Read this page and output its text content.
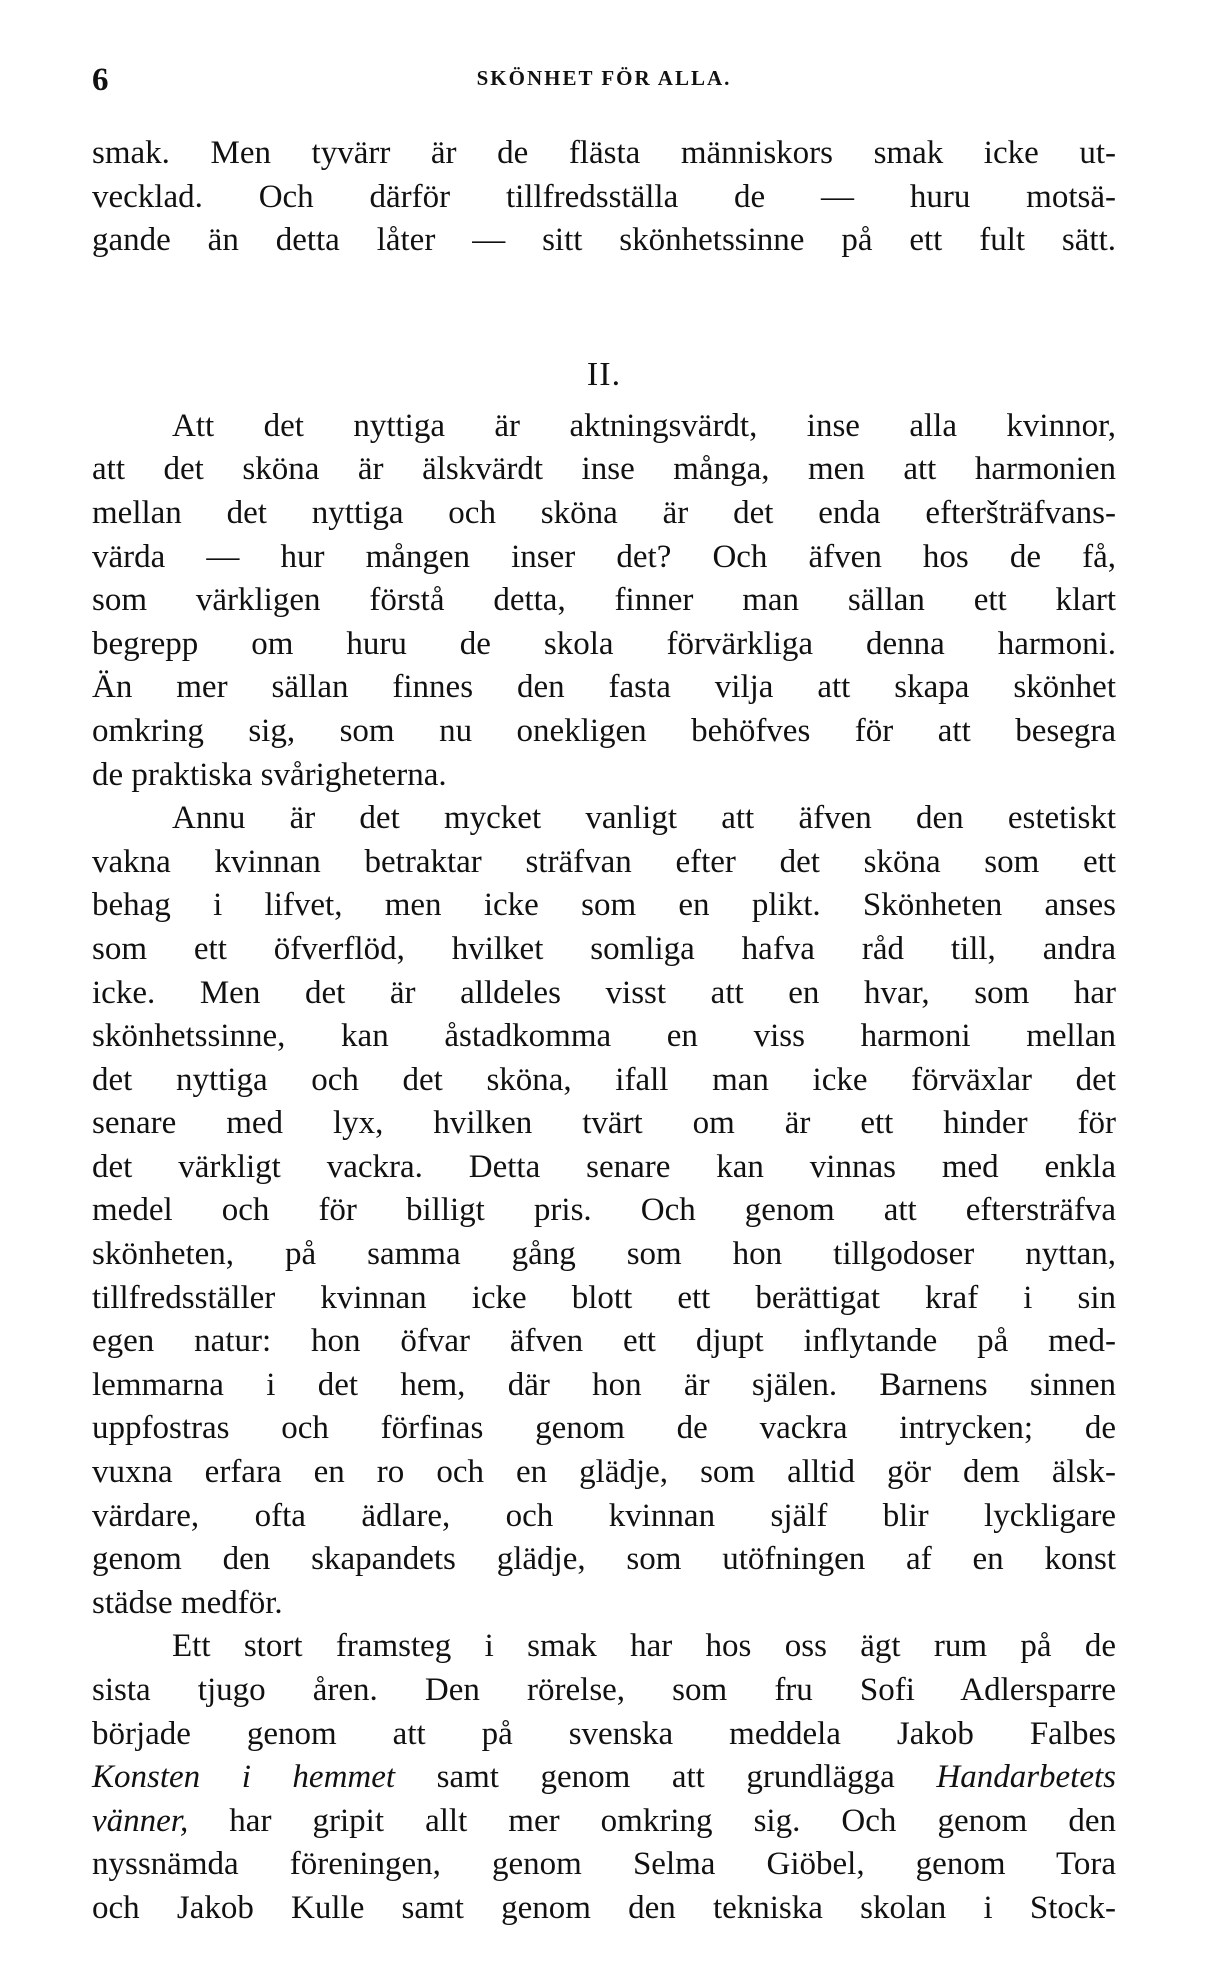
6	SKÖNHET FÖR ALLA.
smak. Men tyvärr är de flästa människors smak icke ut-
vecklad. Och därför tillfredsställa de — huru motsä-
gande än detta låter — sitt skönhetssinne på ett fult sätt.
II.
Att det nyttiga är aktningsvärdt, inse alla kvinnor,
att det sköna är älskvärdt inse många, men att harmonien
mellan det nyttiga och sköna är det enda efteršträfvans-
värda — hur mången inser det? Och äfven hos de få,
som värkligen förstå detta, finner man sällan ett klart
begrepp om huru de skola förvärkliga denna harmoni.
Än mer sällan finnes den fasta vilja att skapa skönhet
omkring sig, som nu onekligen behöfves för att besegra
de praktiska svårigheterna.
Annu är det mycket vanligt att äfven den estetiskt
vakna kvinnan betraktar sträfvan efter det sköna som ett
behag i lifvet, men icke som en plikt. Skönheten anses
som ett öfverflöd, hvilket somliga hafva råd till, andra
icke. Men det är alldeles visst att en hvar, som har
skönhetssinne, kan åstadkomma en viss harmoni mellan
det nyttiga och det sköna, ifall man icke förväxlar det
senare med lyx, hvilken tvärt om är ett hinder för
det värkligt vackra. Detta senare kan vinnas med enkla
medel och för billigt pris. Och genom att eftersträfva
skönheten, på samma gång som hon tillgodoser nyttan,
tillfredsställer kvinnan icke blott ett berättigat kraf i sin
egen natur: hon öfvar äfven ett djupt inflytande på med-
lemmarna i det hem, där hon är själen. Barnens sinnen
uppfostras och förfinas genom de vackra intrycken; de
vuxna erfara en ro och en glädje, som alltid gör dem älsk-
värdare, ofta ädlare, och kvinnan själf blir lyckligare
genom den skapandets glädje, som utöfningen af en konst
städse medför.
Ett stort framsteg i smak har hos oss ägt rum på de
sista tjugo åren. Den rörelse, som fru Sofi Adlersparre
började genom att på svenska meddela Jakob Falbes
Konsten i hemmet samt genom att grundlägga Handarbetets
vänner, har gripit allt mer omkring sig. Och genom den
nyssnämda föreningen, genom Selma Giöbel, genom Tora
och Jakob Kulle samt genom den tekniska skolan i Stock-
